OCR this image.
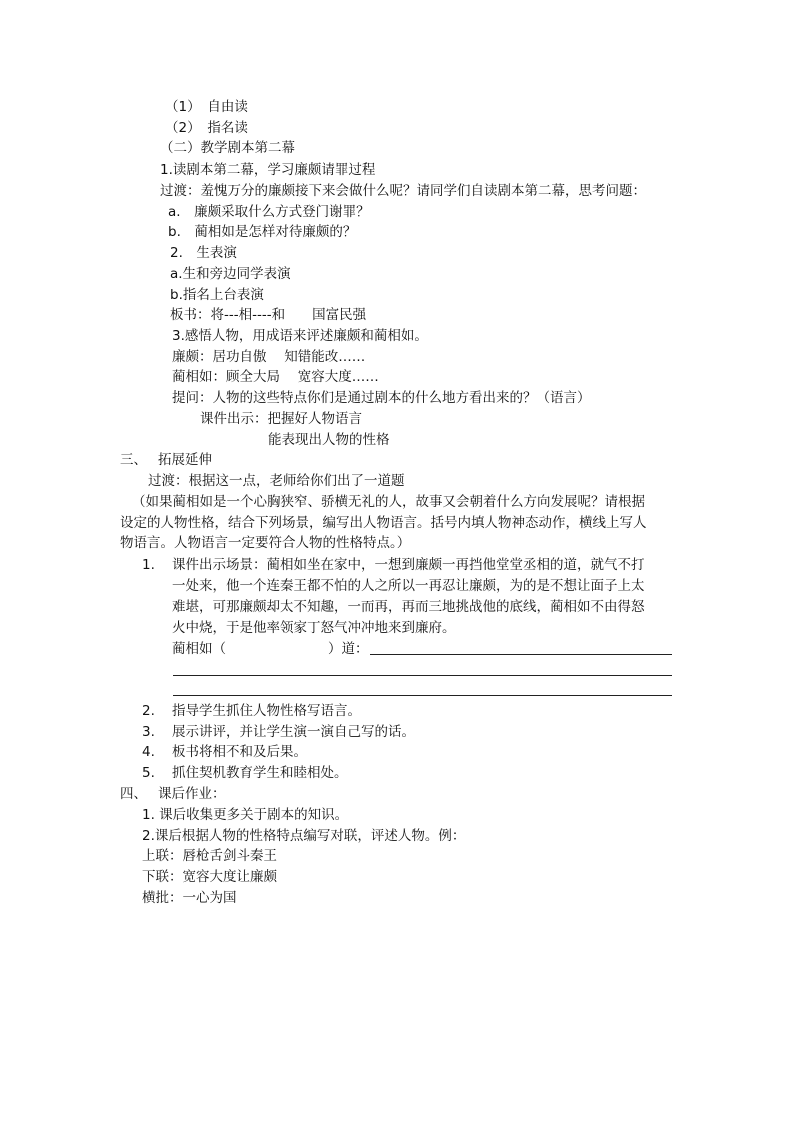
（1）　自由读
（2）　指名读
（二）教学剧本第二幕
1.读剧本第二幕，学习廉颇请罪过程
过渡：羞愧万分的廉颇接下来会做什么呢？请同学们自读剧本第二幕，思考问题：
a.　廉颇采取什么方式登门谢罪？
b.　蔺相如是怎样对待廉颇的？
2.　生表演
a.生和旁边同学表演
b.指名上台表演
板书：将---相----和　　国富民强
3.感悟人物，用成语来评述廉颇和蔺相如。
廉颇：居功自傲　 知错能改……
蔺相如：顾全大局　 宽容大度……
提问：人物的这些特点你们是通过剧本的什么地方看出来的？（语言）
课件出示：把握好人物语言
能表现出人物的性格
三、　 拓展延伸
过渡：根据这一点，老师给你们出了一道题
（如果蔺相如是一个心胸狭窄、骄横无礼的人，故事又会朝着什么方向发展呢？请根据
设定的人物性格，结合下列场景，编写出人物语言。括号内填人物神态动作，横线上写人
物语言。人物语言一定要符合人物的性格特点。）
1. 课件出示场景：蔺相如坐在家中，一想到廉颇一再挡他堂堂丞相的道，就气不打
一处来，他一个连秦王都不怕的人之所以一再忍让廉颇，为的是不想让面子上太
难堪，可那廉颇却太不知趣，一而再，再而三地挑战他的底线，蔺相如不由得怒
火中烧，于是他率领家丁怒气冲冲地来到廉府。
蔺相如（	）道：
2. 指导学生抓住人物性格写语言。
3. 展示讲评，并让学生演一演自己写的话。
4. 板书将相不和及后果。
5. 抓住契机教育学生和睦相处。
四、　 课后作业：
1. 课后收集更多关于剧本的知识。
2.课后根据人物的性格特点编写对联，评述人物。例：
上联：唇枪舌剑斗秦王
下联：宽容大度让廉颇
横批：一心为国
